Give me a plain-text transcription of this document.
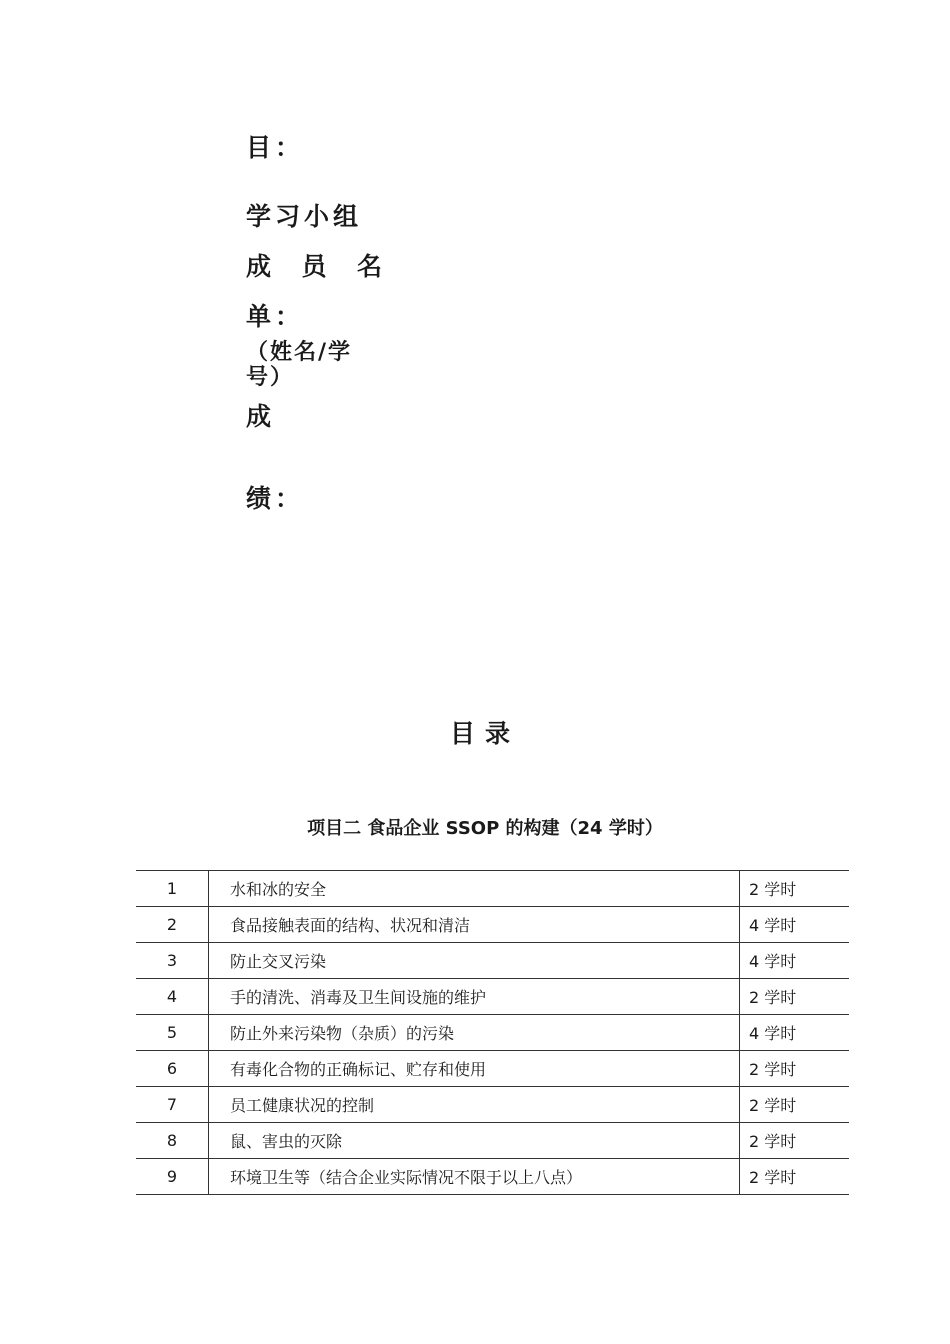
目：
学习小组
成 员 名
单：
（姓名/学
号）
成
绩：
目录
项目二 食品企业 SSOP 的构建（24 学时）
1	水和冰的安全	2 学时
2	食品接触表面的结构、状况和清洁	4 学时
3	防止交叉污染	4 学时
4	手的清洗、消毒及卫生间设施的维护	2 学时
5	防止外来污染物（杂质）的污染	4 学时
6	有毒化合物的正确标记、贮存和使用	2 学时
7	员工健康状况的控制	2 学时
8	鼠、害虫的灭除	2 学时
9	环境卫生等（结合企业实际情况不限于以上八点）	2 学时
